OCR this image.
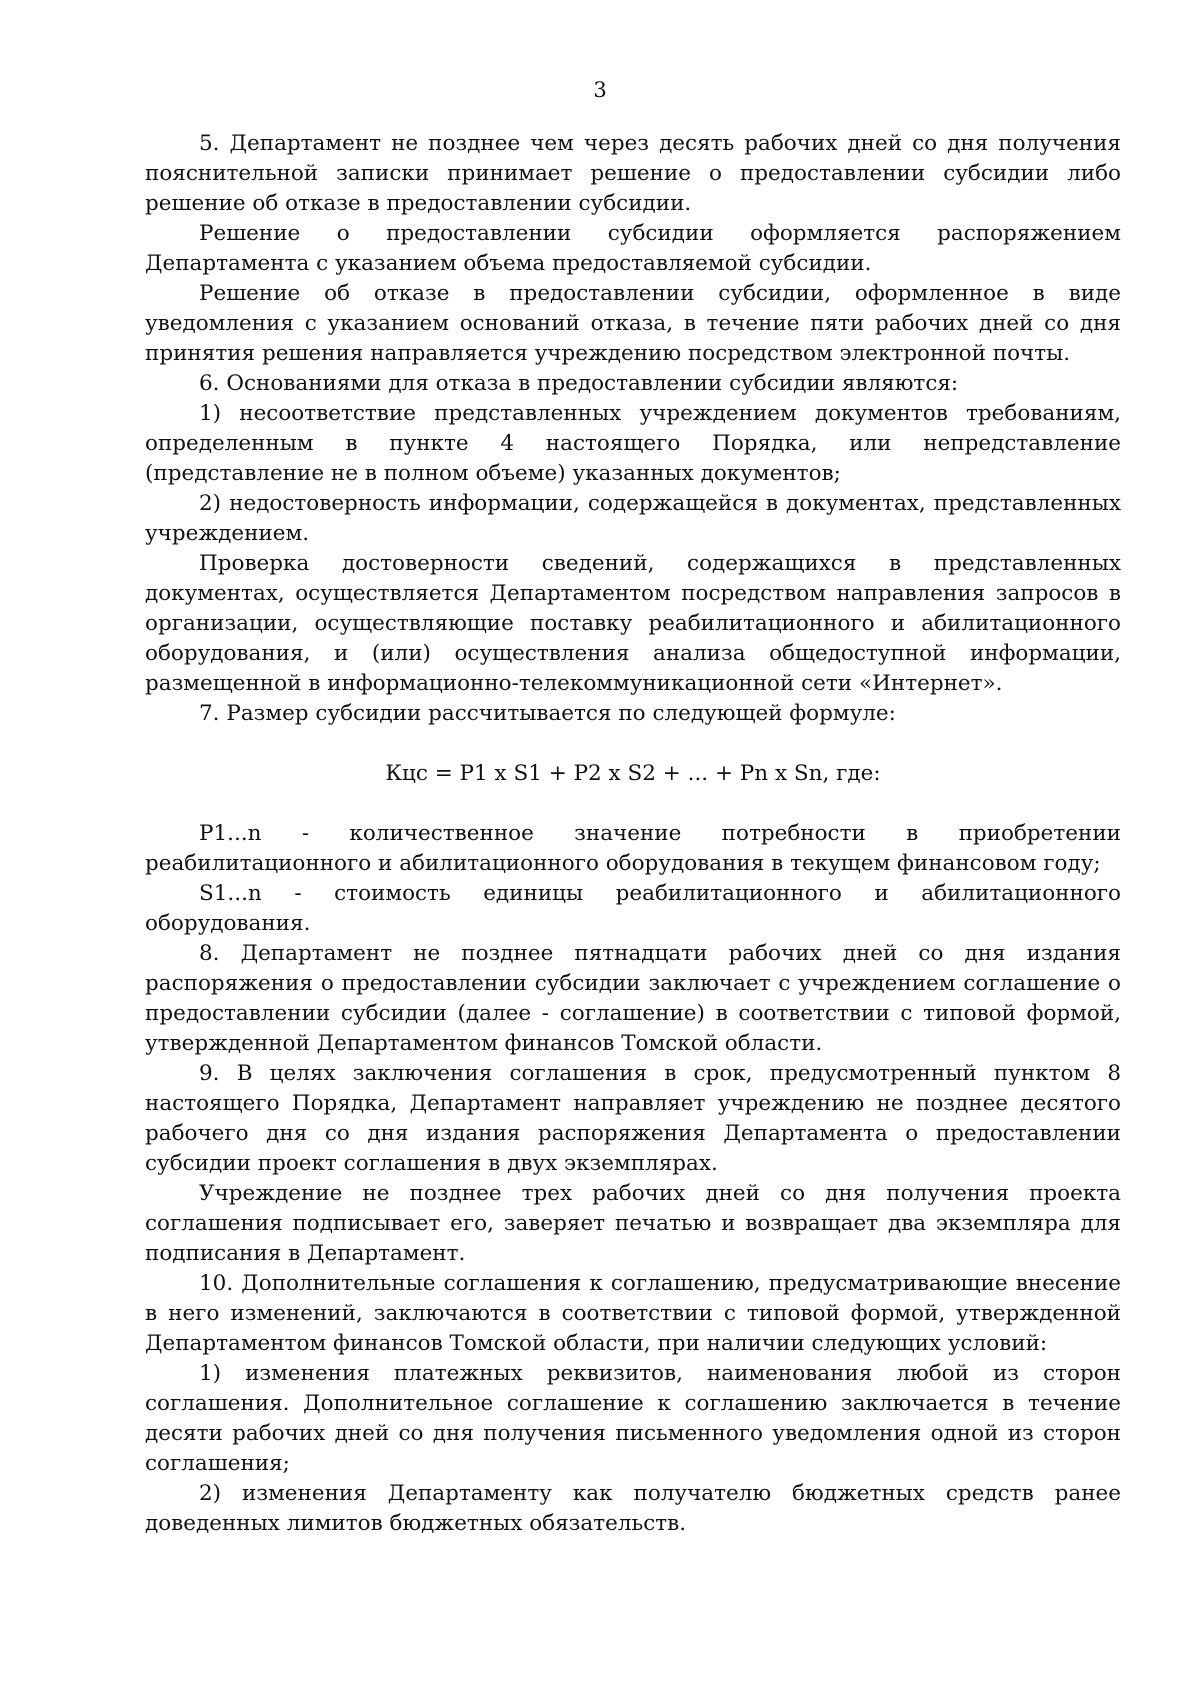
3

5. Департамент не позднее чем через десять рабочих дней со дня получения пояснительной записки принимает решение о предоставлении субсидии либо решение об отказе в предоставлении субсидии.

Решение о предоставлении субсидии оформляется распоряжением Департамента с указанием объема предоставляемой субсидии.

Решение об отказе в предоставлении субсидии, оформленное в виде уведомления с указанием оснований отказа, в течение пяти рабочих дней со дня принятия решения направляется учреждению посредством электронной почты.

6. Основаниями для отказа в предоставлении субсидии являются:

1) несоответствие представленных учреждением документов требованиям, определенным в пункте 4 настоящего Порядка, или непредставление (представление не в полном объеме) указанных документов;

2) недостоверность информации, содержащейся в документах, представленных учреждением.

Проверка достоверности сведений, содержащихся в представленных документах, осуществляется Департаментом посредством направления запросов в организации, осуществляющие поставку реабилитационного и абилитационного оборудования, и (или) осуществления анализа общедоступной информации, размещенной в информационно-телекоммуникационной сети «Интернет».

7. Размер субсидии рассчитывается по следующей формуле:

Кцс = P1 x S1 + P2 x S2 + ... + Pn x Sn, где:

P1...n - количественное значение потребности в приобретении реабилитационного и абилитационного оборудования в текущем финансовом году;

S1...n - стоимость единицы реабилитационного и абилитационного оборудования.

8. Департамент не позднее пятнадцати рабочих дней со дня издания распоряжения о предоставлении субсидии заключает с учреждением соглашение о предоставлении субсидии (далее - соглашение) в соответствии с типовой формой, утвержденной Департаментом финансов Томской области.

9. В целях заключения соглашения в срок, предусмотренный пунктом 8 настоящего Порядка, Департамент направляет учреждению не позднее десятого рабочего дня со дня издания распоряжения Департамента о предоставлении субсидии проект соглашения в двух экземплярах.

Учреждение не позднее трех рабочих дней со дня получения проекта соглашения подписывает его, заверяет печатью и возвращает два экземпляра для подписания в Департамент.

10. Дополнительные соглашения к соглашению, предусматривающие внесение в него изменений, заключаются в соответствии с типовой формой, утвержденной Департаментом финансов Томской области, при наличии следующих условий:

1) изменения платежных реквизитов, наименования любой из сторон соглашения. Дополнительное соглашение к соглашению заключается в течение десяти рабочих дней со дня получения письменного уведомления одной из сторон соглашения;

2) изменения Департаменту как получателю бюджетных средств ранее доведенных лимитов бюджетных обязательств.
